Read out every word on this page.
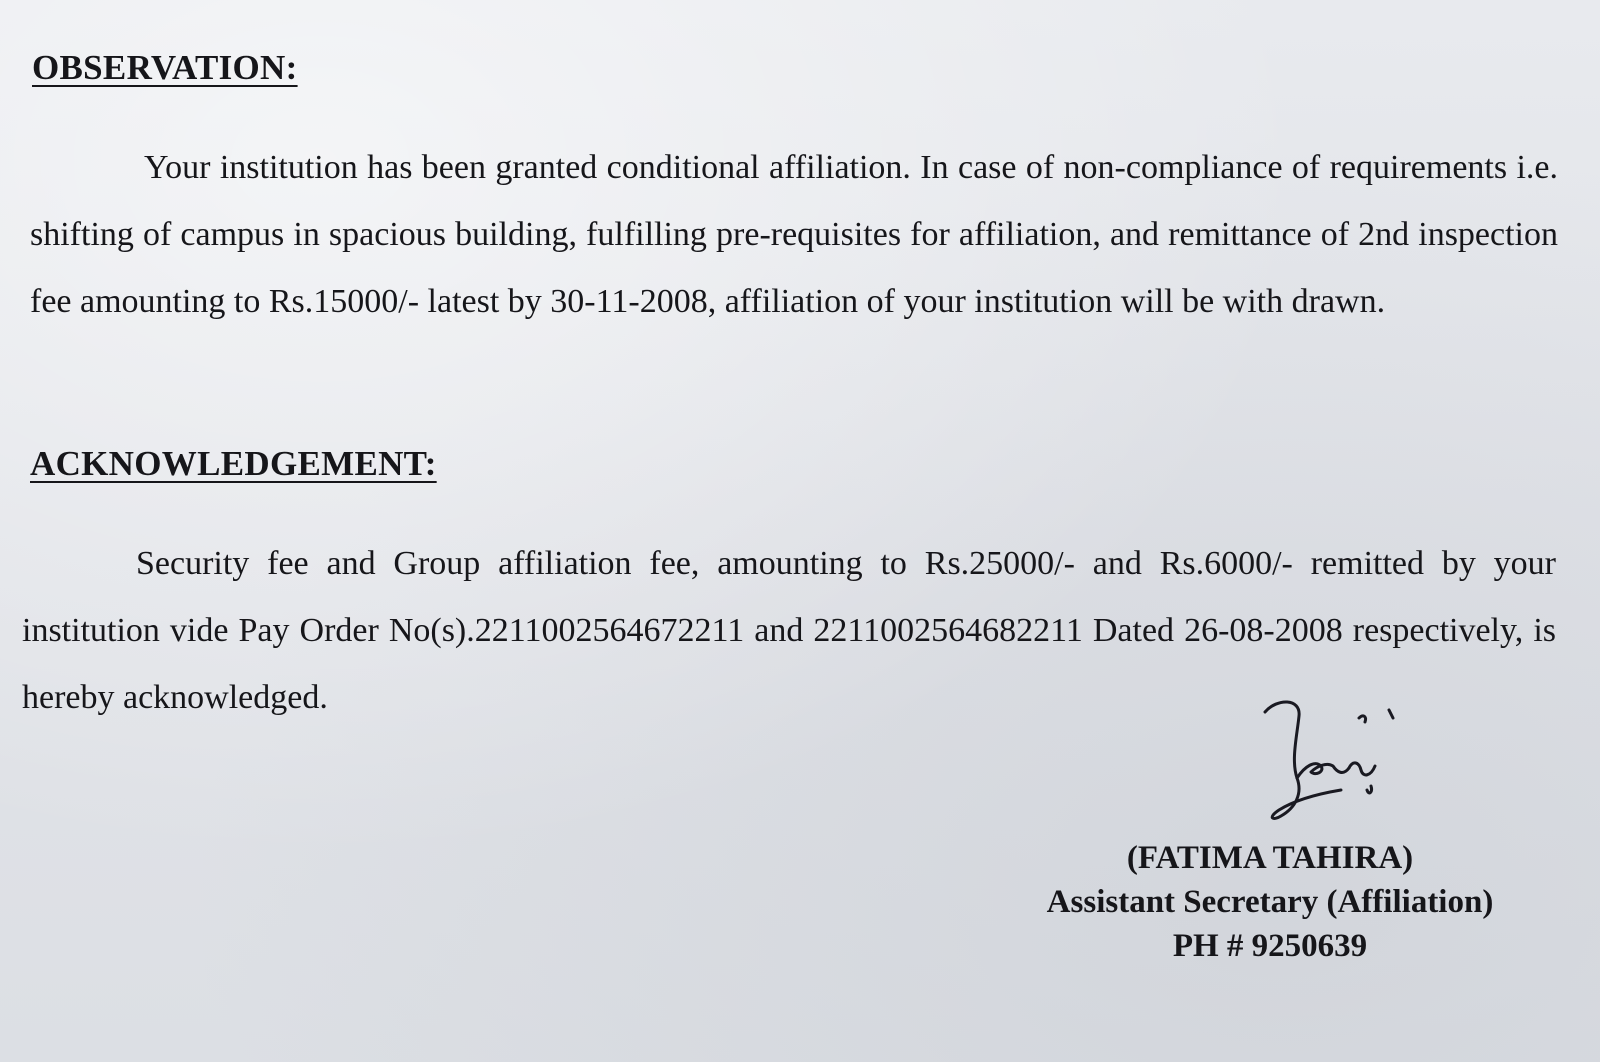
OBSERVATION:

Your institution has been granted conditional affiliation. In case of non-compliance of requirements i.e. shifting of campus in spacious building, fulfilling pre-requisites for affiliation, and remittance of 2nd inspection fee amounting to Rs.15000/- latest by 30-11-2008, affiliation of your institution will be with drawn.

ACKNOWLEDGEMENT:

Security fee and Group affiliation fee, amounting to Rs.25000/- and Rs.6000/- remitted by your institution vide Pay Order No(s).2211002564672211 and 2211002564682211 Dated 26-08-2008 respectively, is hereby acknowledged.

(FATIMA TAHIRA)
Assistant Secretary (Affiliation)
PH # 9250639
